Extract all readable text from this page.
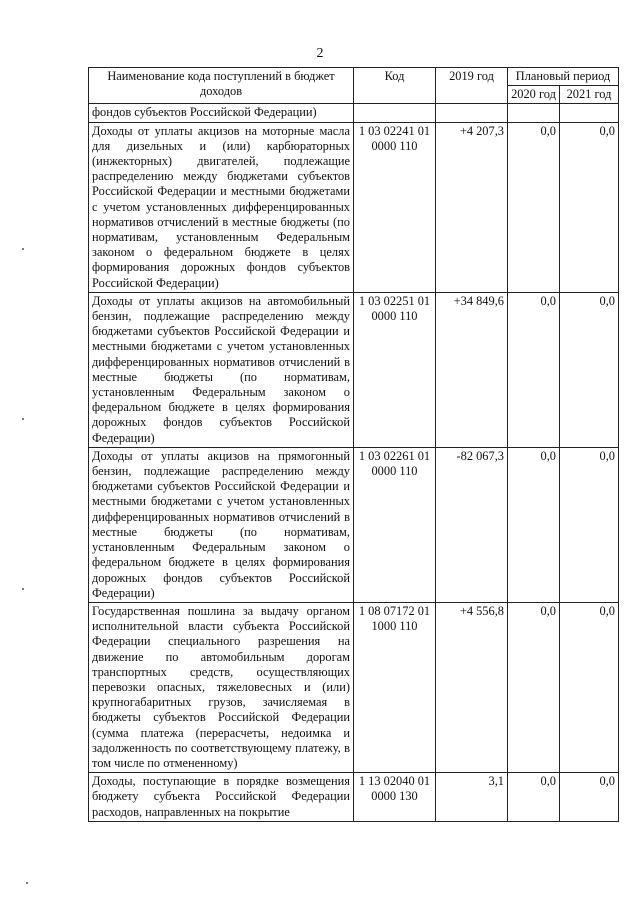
2
Наименование кода поступлений в бюджет доходов	Код	2019 год	Плановый период	
			2020 год	2021 год
фондов субъектов Российской Федерации)				
Доходы от уплаты акцизов на моторные масла для дизельных и (или) карбюраторных (инжекторных) двигателей, подлежащие распределению между бюджетами субъектов Российской Федерации и местными бюджетами с учетом установленных дифференцированных нормативов отчислений в местные бюджеты (по нормативам, установленным Федеральным законом о федеральном бюджете в целях формирования дорожных фондов субъектов Российской Федерации)	1 03 02241 01 0000 110	+4 207,3	0,0	0,0
Доходы от уплаты акцизов на автомобильный бензин, подлежащие распределению между бюджетами субъектов Российской Федерации и местными бюджетами с учетом установленных дифференцированных нормативов отчислений в местные бюджеты (по нормативам, установленным Федеральным законом о федеральном бюджете в целях формирования дорожных фондов субъектов Российской Федерации)	1 03 02251 01 0000 110	+34 849,6	0,0	0,0
Доходы от уплаты акцизов на прямогонный бензин, подлежащие распределению между бюджетами субъектов Российской Федерации и местными бюджетами с учетом установленных дифференцированных нормативов отчислений в местные бюджеты (по нормативам, установленным Федеральным законом о федеральном бюджете в целях формирования дорожных фондов субъектов Российской Федерации)	1 03 02261 01 0000 110	-82 067,3	0,0	0,0
Государственная пошлина за выдачу органом исполнительной власти субъекта Российской Федерации специального разрешения на движение по автомобильным дорогам транспортных средств, осуществляющих перевозки опасных, тяжеловесных и (или) крупногабаритных грузов, зачисляемая в бюджеты субъектов Российской Федерации (сумма платежа (перерасчеты, недоимка и задолженность по соответствующему платежу, в том числе по отмененному)	1 08 07172 01 1000 110	+4 556,8	0,0	0,0
Доходы, поступающие в порядке возмещения бюджету субъекта Российской Федерации расходов, направленных на покрытие	1 13 02040 01 0000 130	3,1	0,0	0,0
